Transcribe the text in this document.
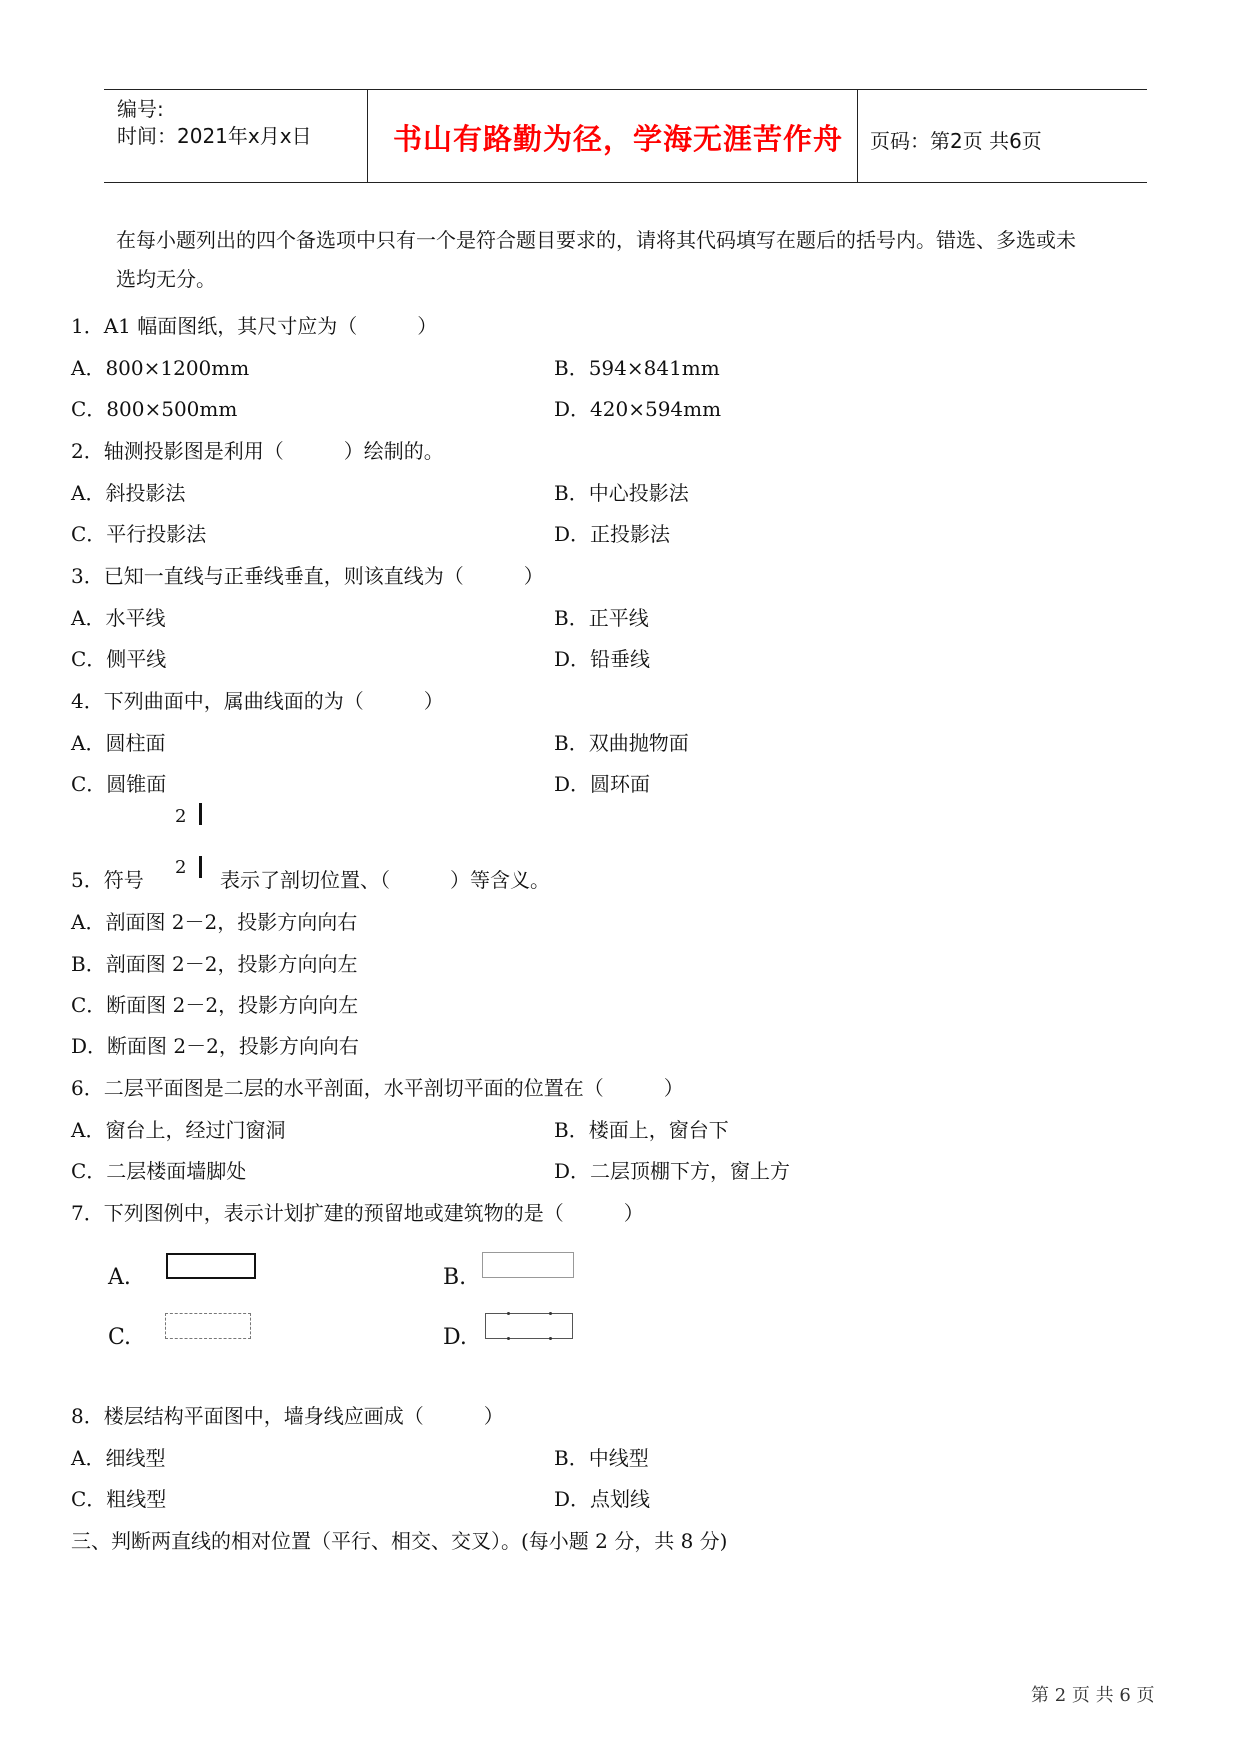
编号:
时间：2021年x月x日	书山有路勤为径，学海无涯苦作舟 页码：第2页 共6页
在每小题列出的四个备选项中只有一个是符合题目要求的，请将其代码填写在题后的括号内。错选、多选或未
选均无分。
1．A1 幅面图纸，其尺寸应为（　　　）
A．800×1200mm	B．594×841mm
C．800×500mm	D．420×594mm
2．轴测投影图是利用（　　　）绘制的。
A．斜投影法	B．中心投影法
C．平行投影法	D．正投影法
3．已知一直线与正垂线垂直，则该直线为（　　　）
A．水平线	B．正平线
C．侧平线	D．铅垂线
4．下列曲面中，属曲线面的为（　　　）
A．圆柱面	B．双曲抛物面
C．圆锥面	D．圆环面
2
2
5．符号	表示了剖切位置、（　　　）等含义。
A．剖面图 2－2，投影方向向右
B．剖面图 2－2，投影方向向左
C．断面图 2－2，投影方向向左
D．断面图 2－2，投影方向向右
6．二层平面图是二层的水平剖面，水平剖切平面的位置在（　　　）
A．窗台上，经过门窗洞	B．楼面上，窗台下
C．二层楼面墙脚处	D．二层顶棚下方，窗上方
7．下列图例中，表示计划扩建的预留地或建筑物的是（　　　）
A.	B.
C.	D.
8．楼层结构平面图中，墙身线应画成（　　　）
A．细线型	B．中线型
C．粗线型	D．点划线
三、判断两直线的相对位置（平行、相交、交叉）。(每小题 2 分，共 8 分)
第 2 页 共 6 页
